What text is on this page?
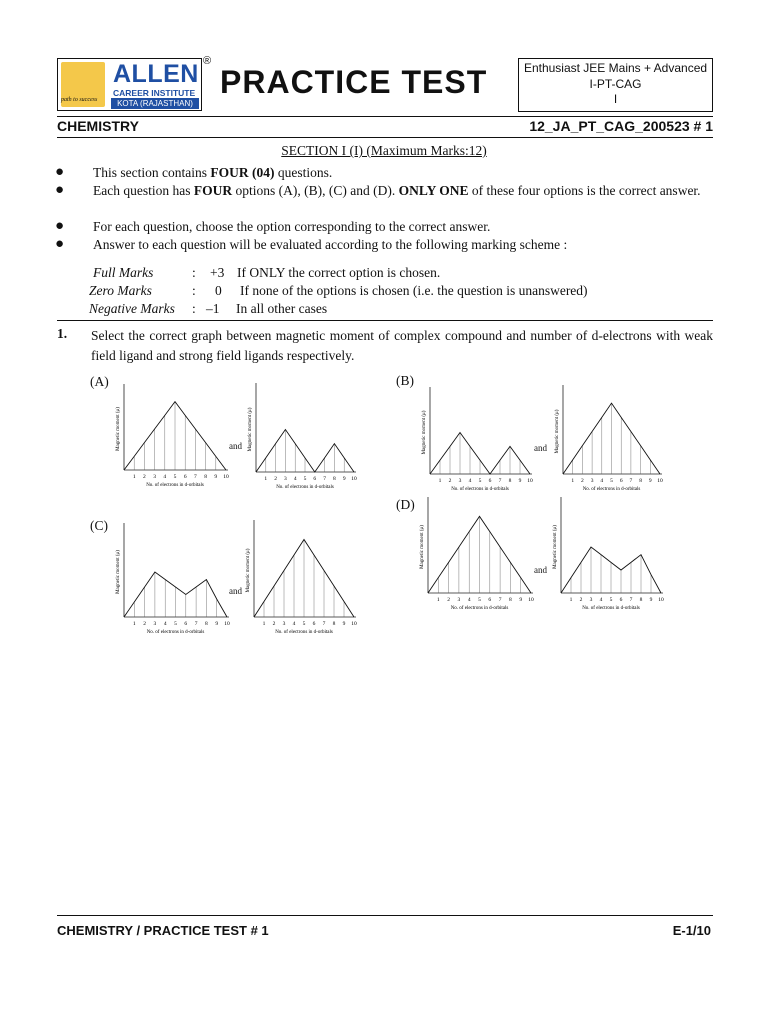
ALLEN
CAREER INSTITUTE
KOTA (RAJASTHAN)
path to success
®
PRACTICE TEST	Enthusiast JEE Mains + Advanced
I-PT-CAG
I
CHEMISTRY	12_JA_PT_CAG_200523 # 1
SECTION I (I) (Maximum Marks:12)
● This section contains FOUR (04) questions.
● Each question has FOUR options (A), (B), (C) and (D). ONLY ONE of these four options is the correct answer.
● For each question, choose the option corresponding to the correct answer.
● Answer to each question will be evaluated according to the following marking scheme :
Full Marks	: +3 If ONLY the correct option is chosen.
Zero Marks	: 0 If none of the options is chosen (i.e. the question is unanswered)
Negative Marks : –1 In all other cases
1. Select the correct graph between magnetic moment of complex compound and number of d-electrons with weak field ligand and strong field ligands respectively.
(A)	(B)
(D)
(C)
and	and
and
and
1 2 3 4 5 6 7 8 9 10
No. of electrons in d-orbitals
Magnetic moment (μ)
1 2 3 4 5 6 7 8 9 10
No. of electrons in d-orbitals
Magnetic moment (μ)
1 2 3 4 5 6 7 8 9 10
No. of electrons in d-orbitals
Magnetic moment (μ)
1 2 3 4 5 6 7 8 9 10
No. of electrons in d-orbitals
Magnetic moment (μ)
1 2 3 4 5 6 7 8 9 10
No. of electrons in d-orbitals
Magnetic moment (μ)
1 2 3 4 5 6 7 8 9 10
No. of electrons in d-orbitals
Magnetic moment (μ)
1 2 3 4 5 6 7 8 9 10
No. of electrons in d-orbitals
Magnetic moment (μ)
1 2 3 4 5 6 7 8 9 10
No. of electrons in d-orbitals
Magnetic moment (μ)
CHEMISTRY / PRACTICE TEST # 1	E-1/10
